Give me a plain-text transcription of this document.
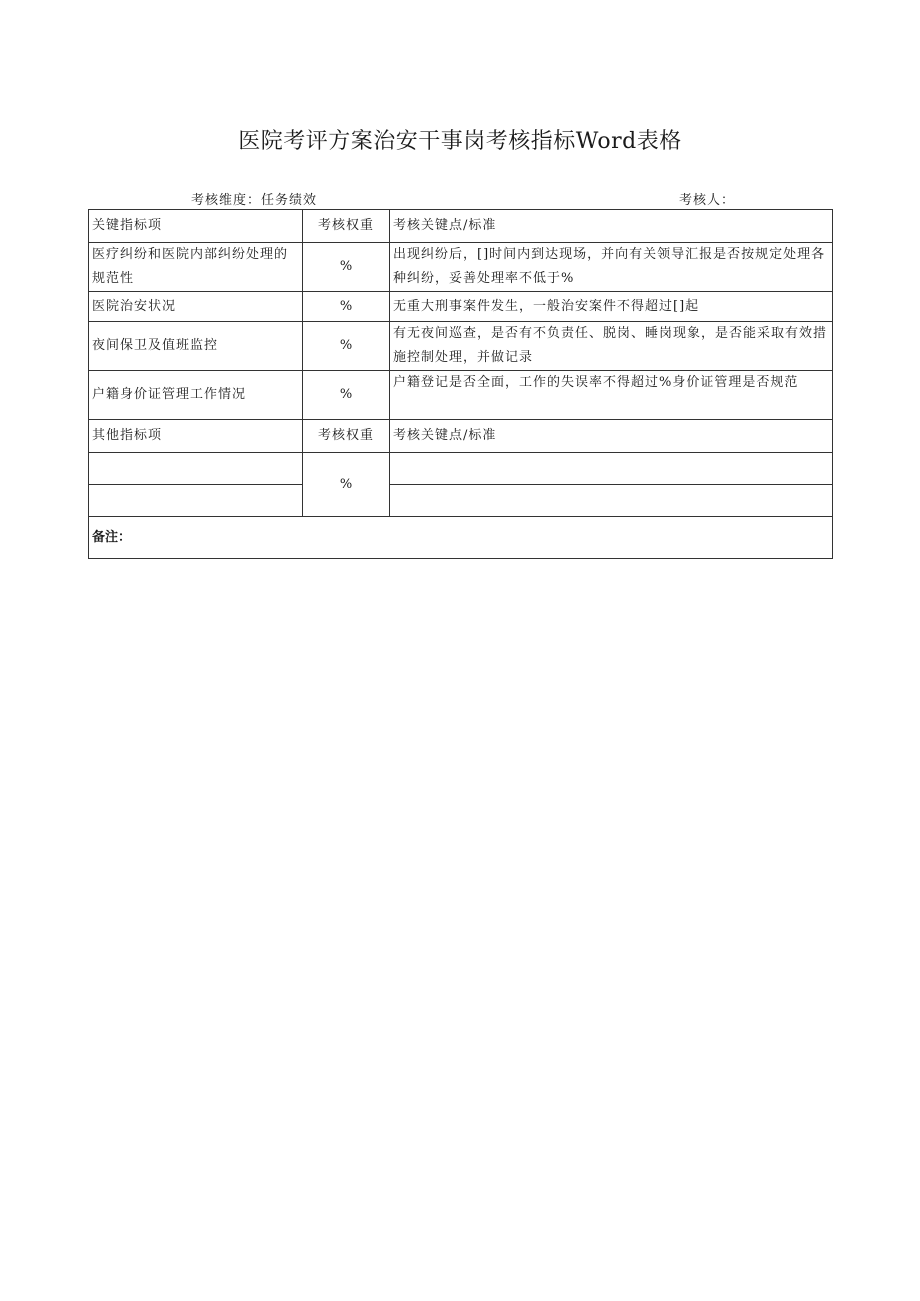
医院考评方案治安干事岗考核指标Word表格
考核维度：任务绩效	考核人：
关键指标项	考核权重	考核关键点/标准
医疗纠纷和医院内部纠纷处理的规范性	%	出现纠纷后，[]时间内到达现场，并向有关领导汇报是否按规定处理各种纠纷，妥善处理率不低于%
医院治安状况	%	无重大刑事案件发生，一般治安案件不得超过[]起
夜间保卫及值班监控	%	有无夜间巡查，是否有不负责任、脱岗、睡岗现象，是否能采取有效措施控制处理，并做记录
户籍身价证管理工作情况	%	户籍登记是否全面，工作的失误率不得超过%身价证管理是否规范
其他指标项	考核权重	考核关键点/标准
	%	

备注：		
